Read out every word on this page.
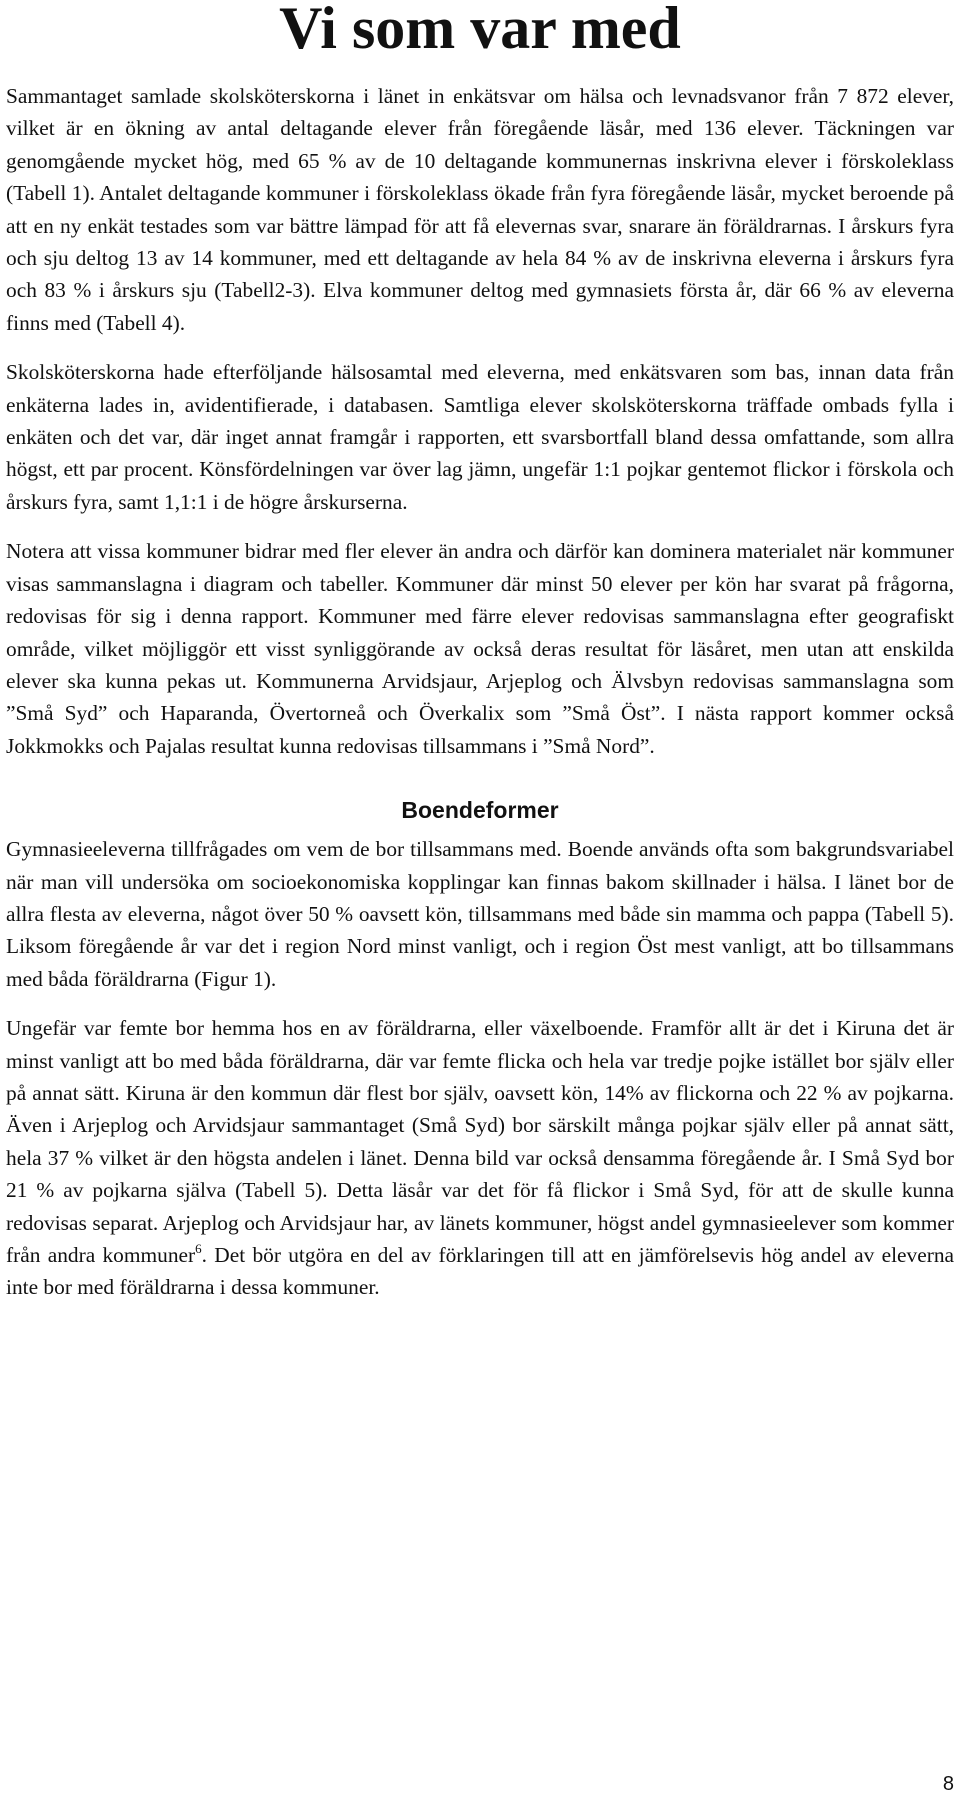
Vi som var med

Sammantaget samlade skolsköterskorna i länet in enkätsvar om hälsa och levnadsvanor från 7 872 elever, vilket är en ökning av antal deltagande elever från föregående läsår, med 136 elever. Täckningen var genomgående mycket hög, med 65 % av de 10 deltagande kommunernas inskrivna elever i förskoleklass (Tabell 1). Antalet deltagande kommuner i förskoleklass ökade från fyra föregående läsår, mycket beroende på att en ny enkät testades som var bättre lämpad för att få elevernas svar, snarare än föräldrarnas. I årskurs fyra och sju deltog 13 av 14 kommuner, med ett deltagande av hela 84 % av de inskrivna eleverna i årskurs fyra och 83 % i årskurs sju (Tabell2-3). Elva kommuner deltog med gymnasiets första år, där 66 % av eleverna finns med (Tabell 4).

Skolsköterskorna hade efterföljande hälsosamtal med eleverna, med enkätsvaren som bas, innan data från enkäterna lades in, avidentifierade, i databasen. Samtliga elever skolsköterskorna träffade ombads fylla i enkäten och det var, där inget annat framgår i rapporten, ett svarsbortfall bland dessa omfattande, som allra högst, ett par procent. Könsfördelningen var över lag jämn, ungefär 1:1 pojkar gentemot flickor i förskola och årskurs fyra, samt 1,1:1 i de högre årskurserna.

Notera att vissa kommuner bidrar med fler elever än andra och därför kan dominera materialet när kommuner visas sammanslagna i diagram och tabeller. Kommuner där minst 50 elever per kön har svarat på frågorna, redovisas för sig i denna rapport. Kommuner med färre elever redovisas sammanslagna efter geografiskt område, vilket möjliggör ett visst synliggörande av också deras resultat för läsåret, men utan att enskilda elever ska kunna pekas ut. Kommunerna Arvidsjaur, Arjeplog och Älvsbyn redovisas sammanslagna som ”Små Syd” och Haparanda, Övertorneå och Överkalix som ”Små Öst”. I nästa rapport kommer också Jokkmokks och Pajalas resultat kunna redovisas tillsammans i ”Små Nord”.

Boendeformer

Gymnasieeleverna tillfrågades om vem de bor tillsammans med. Boende används ofta som bakgrundsvariabel när man vill undersöka om socioekonomiska kopplingar kan finnas bakom skillnader i hälsa. I länet bor de allra flesta av eleverna, något över 50 % oavsett kön, tillsammans med både sin mamma och pappa (Tabell 5). Liksom föregående år var det i region Nord minst vanligt, och i region Öst mest vanligt, att bo tillsammans med båda föräldrarna (Figur 1).

Ungefär var femte bor hemma hos en av föräldrarna, eller växelboende. Framför allt är det i Kiruna det är minst vanligt att bo med båda föräldrarna, där var femte flicka och hela var tredje pojke istället bor själv eller på annat sätt. Kiruna är den kommun där flest bor själv, oavsett kön, 14% av flickorna och 22 % av pojkarna. Även i Arjeplog och Arvidsjaur sammantaget (Små Syd) bor särskilt många pojkar själv eller på annat sätt, hela 37 % vilket är den högsta andelen i länet. Denna bild var också densamma föregående år. I Små Syd bor 21 % av pojkarna själva (Tabell 5). Detta läsår var det för få flickor i Små Syd, för att de skulle kunna redovisas separat. Arjeplog och Arvidsjaur har, av länets kommuner, högst andel gymnasieelever som kommer från andra kommuner$^6$. Det bör utgöra en del av förklaringen till att en jämförelsevis hög andel av eleverna inte bor med föräldrarna i dessa kommuner.

8
